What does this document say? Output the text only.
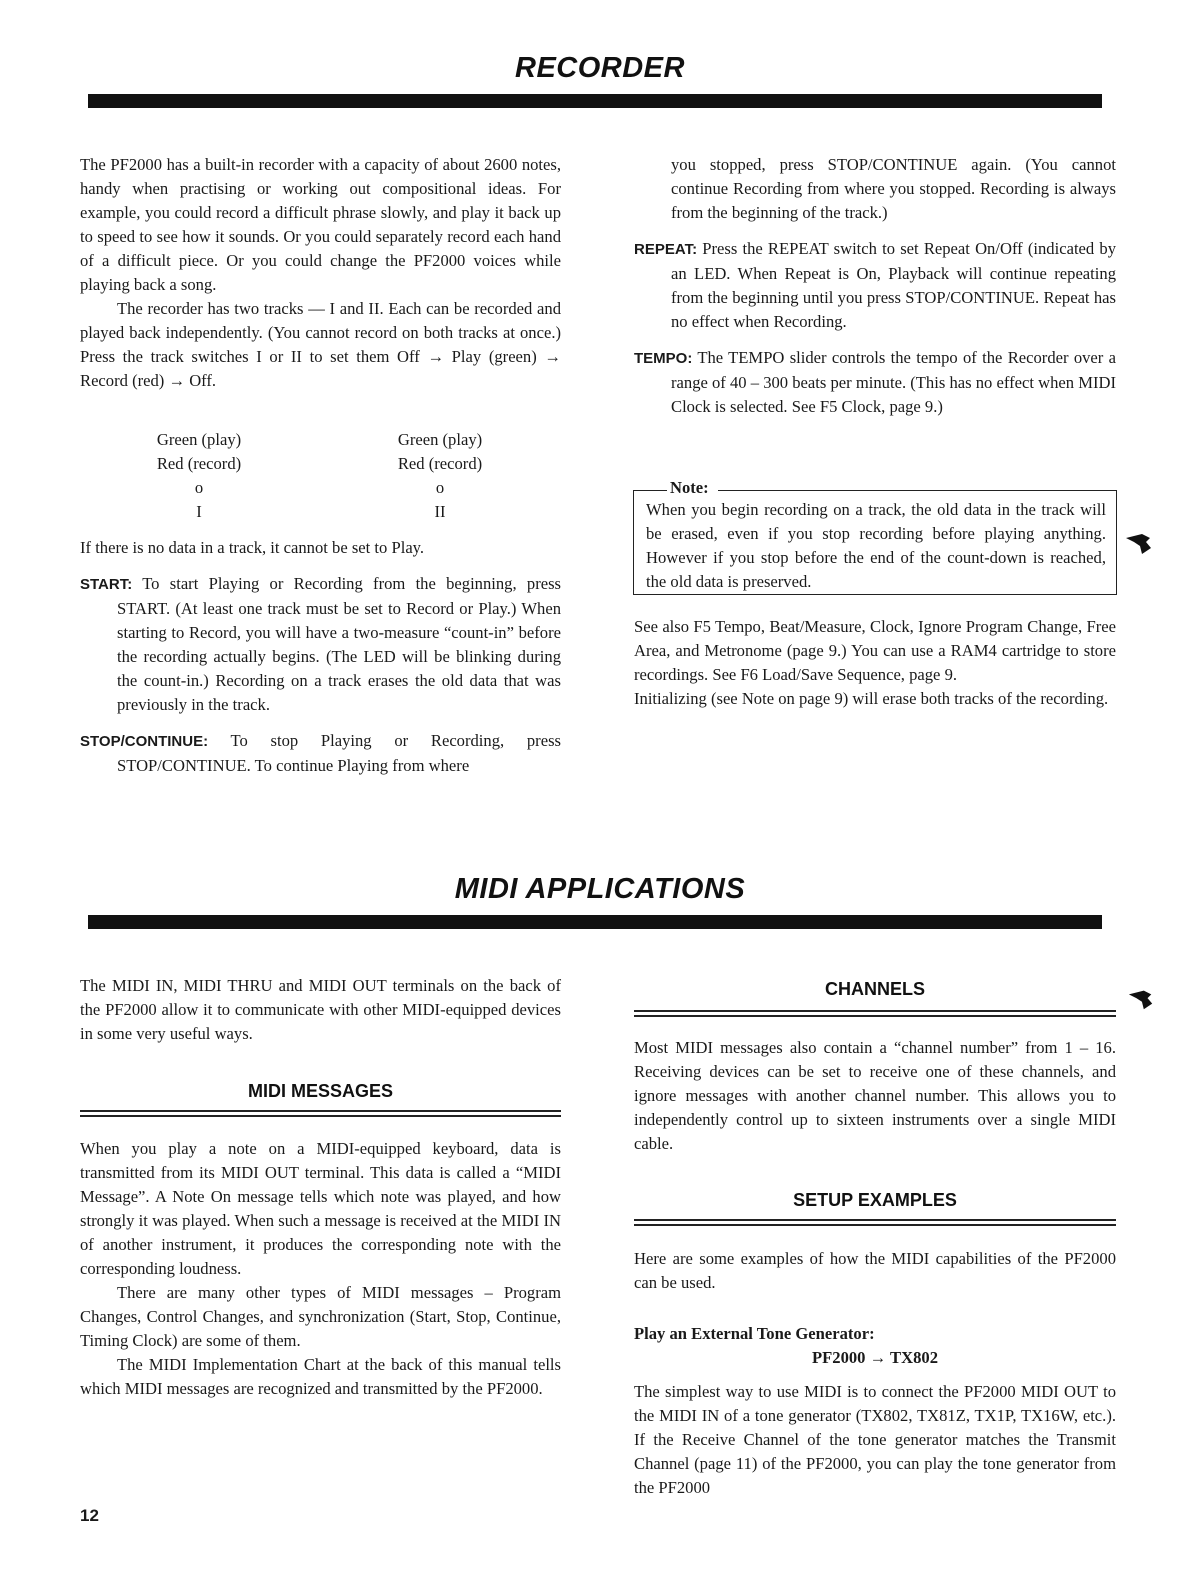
RECORDER

The PF2000 has a built-in recorder with a capacity of about 2600 notes, handy when practising or working out compositional ideas. For example, you could record a difficult phrase slowly, and play it back up to speed to see how it sounds. Or you could separately record each hand of a difficult piece. Or you could change the PF2000 voices while playing back a song.

The recorder has two tracks — I and II. Each can be recorded and played back independently. (You cannot record on both tracks at once.) Press the track switches I or II to set them Off → Play (green) → Record (red) → Off.

Green (play)
Red (record)
o
I
Green (play)
Red (record)
o
II

If there is no data in a track, it cannot be set to Play.

START: To start Playing or Recording from the beginning, press START. (At least one track must be set to Record or Play.) When starting to Record, you will have a two-measure “count-in” before the recording actually begins. (The LED will be blinking during the count-in.) Recording on a track erases the old data that was previously in the track.

STOP/CONTINUE: To stop Playing or Recording, press STOP/CONTINUE. To continue Playing from where

you stopped, press STOP/CONTINUE again. (You cannot continue Recording from where you stopped. Recording is always from the beginning of the track.)

REPEAT: Press the REPEAT switch to set Repeat On/Off (indicated by an LED. When Repeat is On, Playback will continue repeating from the beginning until you press STOP/CONTINUE. Repeat has no effect when Recording.

TEMPO: The TEMPO slider controls the tempo of the Recorder over a range of 40 – 300 beats per minute. (This has no effect when MIDI Clock is selected. See F5 Clock, page 9.)

Note:

When you begin recording on a track, the old data in the track will be erased, even if you stop recording before playing anything. However if you stop before the end of the count-down is reached, the old data is preserved.

See also F5 Tempo, Beat/Measure, Clock, Ignore Program Change, Free Area, and Metronome (page 9.) You can use a RAM4 cartridge to store recordings. See F6 Load/Save Sequence, page 9.

Initializing (see Note on page 9) will erase both tracks of the recording.

MIDI APPLICATIONS

The MIDI IN, MIDI THRU and MIDI OUT terminals on the back of the PF2000 allow it to communicate with other MIDI-equipped devices in some very useful ways.

MIDI MESSAGES

When you play a note on a MIDI-equipped keyboard, data is transmitted from its MIDI OUT terminal. This data is called a “MIDI Message”. A Note On message tells which note was played, and how strongly it was played. When such a message is received at the MIDI IN of another instrument, it produces the corresponding note with the corresponding loudness.

There are many other types of MIDI messages – Program Changes, Control Changes, and synchronization (Start, Stop, Continue, Timing Clock) are some of them.

The MIDI Implementation Chart at the back of this manual tells which MIDI messages are recognized and transmitted by the PF2000.

CHANNELS

Most MIDI messages also contain a “channel number” from 1 – 16. Receiving devices can be set to receive one of these channels, and ignore messages with another channel number. This allows you to independently control up to sixteen instruments over a single MIDI cable.

SETUP EXAMPLES

Here are some examples of how the MIDI capabilities of the PF2000 can be used.

Play an External Tone Generator:
PF2000 → TX802

The simplest way to use MIDI is to connect the PF2000 MIDI OUT to the MIDI IN of a tone generator (TX802, TX81Z, TX1P, TX16W, etc.). If the Receive Channel of the tone generator matches the Transmit Channel (page 11) of the PF2000, you can play the tone generator from the PF2000

12
